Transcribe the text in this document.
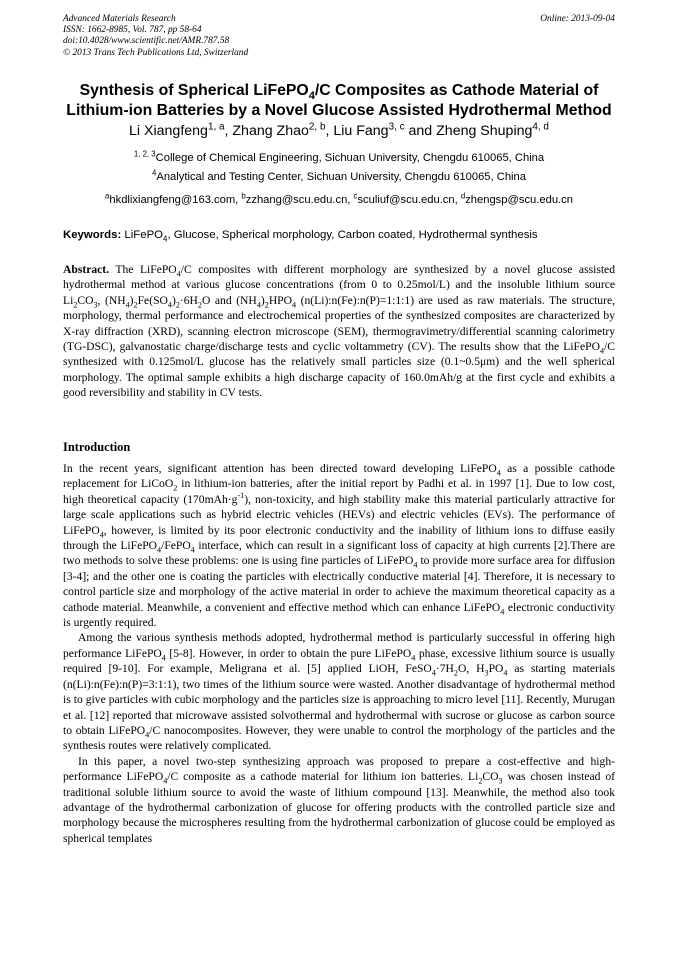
Advanced Materials Research
ISSN: 1662-8985, Vol. 787, pp 58-64
doi:10.4028/www.scientific.net/AMR.787.58
© 2013 Trans Tech Publications Ltd, Switzerland
Online: 2013-09-04
Synthesis of Spherical LiFePO$_4$/C Composites as Cathode Material of
Lithium-ion Batteries by a Novel Glucose Assisted Hydrothermal Method
Li Xiangfeng$^{1, a}$, Zhang Zhao$^{2, b}$, Liu Fang$^{3, c}$ and Zheng Shuping$^{4, d}$
$^{1, 2, 3}$College of Chemical Engineering, Sichuan University, Chengdu 610065, China
$^4$Analytical and Testing Center, Sichuan University, Chengdu 610065, China
$^a$hkdlixiangfeng@163.com, $^b$zzhang@scu.edu.cn, $^c$sculiuf@scu.edu.cn, $^d$zhengsp@scu.edu.cn
Keywords: LiFePO$_4$, Glucose, Spherical morphology, Carbon coated, Hydrothermal synthesis
Abstract. The LiFePO$_4$/C composites with different morphology are synthesized by a novel glucose assisted hydrothermal method at various glucose concentrations (from 0 to 0.25mol/L) and the insoluble lithium source $Li_2CO_3$, $(NH_4)_2Fe(SO_4)_2\cdot 6H_2O$ and $(NH_4)_2HPO_4$ (n(Li):n(Fe):n(P)=1:1:1) are used as raw materials. The structure, morphology, thermal performance and electrochemical properties of the synthesized composites are characterized by X-ray diffraction (XRD), scanning electron microscope (SEM), thermogravimetry/differential scanning calorimetry (TG-DSC), galvanostatic charge/discharge tests and cyclic voltammetry (CV). The results show that the LiFePO$_4$/C synthesized with 0.125mol/L glucose has the relatively small particles size (0.1~0.5μm) and the well spherical morphology. The optimal sample exhibits a high discharge capacity of 160.0mAh/g at the first cycle and exhibits a good reversibility and stability in CV tests.
Introduction

In the recent years, significant attention has been directed toward developing LiFePO$_4$ as a possible cathode replacement for LiCoO$_2$ in lithium-ion batteries, after the initial report by Padhi et al. in 1997 [1]. Due to low cost, high theoretical capacity $(170mAh\cdot g^{-1})$, non-toxicity, and high stability make this material particularly attractive for large scale applications such as hybrid electric vehicles (HEVs) and electric vehicles (EVs). The performance of LiFePO$_4$, however, is limited by its poor electronic conductivity and the inability of lithium ions to diffuse easily through the LiFePO$_4$/FePO$_4$ interface, which can result in a significant loss of capacity at high currents [2].There are two methods to solve these problems: one is using fine particles of LiFePO$_4$ to provide more surface area for diffusion [3-4]; and the other one is coating the particles with electrically conductive material [4]. Therefore, it is necessary to control particle size and morphology of the active material in order to achieve the maximum theoretical capacity as a cathode material. Meanwhile, a convenient and effective method which can enhance LiFePO$_4$ electronic conductivity is urgently required.

Among the various synthesis methods adopted, hydrothermal method is particularly successful in offering high performance LiFePO$_4$ [5-8]. However, in order to obtain the pure LiFePO$_4$ phase, excessive lithium source is usually required [9-10]. For example, Meligrana et al. [5] applied LiOH, $FeSO_4\cdot 7H_2O$, $H_3PO_4$ as starting materials (n(Li):n(Fe):n(P)=3:1:1), two times of the lithium source were wasted. Another disadvantage of hydrothermal method is to give particles with cubic morphology and the particles size is approaching to micro level [11]. Recently, Murugan et al. [12] reported that microwave assisted solvothermal and hydrothermal with sucrose or glucose as carbon source to obtain LiFePO$_4$/C nanocomposites. However, they were unable to control the morphology of the particles and the synthesis routes were relatively complicated.

In this paper, a novel two-step synthesizing approach was proposed to prepare a cost-effective and high-performance LiFePO$_4$/C composite as a cathode material for lithium ion batteries. $Li_2CO_3$ was chosen instead of traditional soluble lithium source to avoid the waste of lithium compound [13]. Meanwhile, the method also took advantage of the hydrothermal carbonization of glucose for offering products with the controlled particle size and morphology because the microspheres resulting from the hydrothermal carbonization of glucose could be employed as spherical templates
